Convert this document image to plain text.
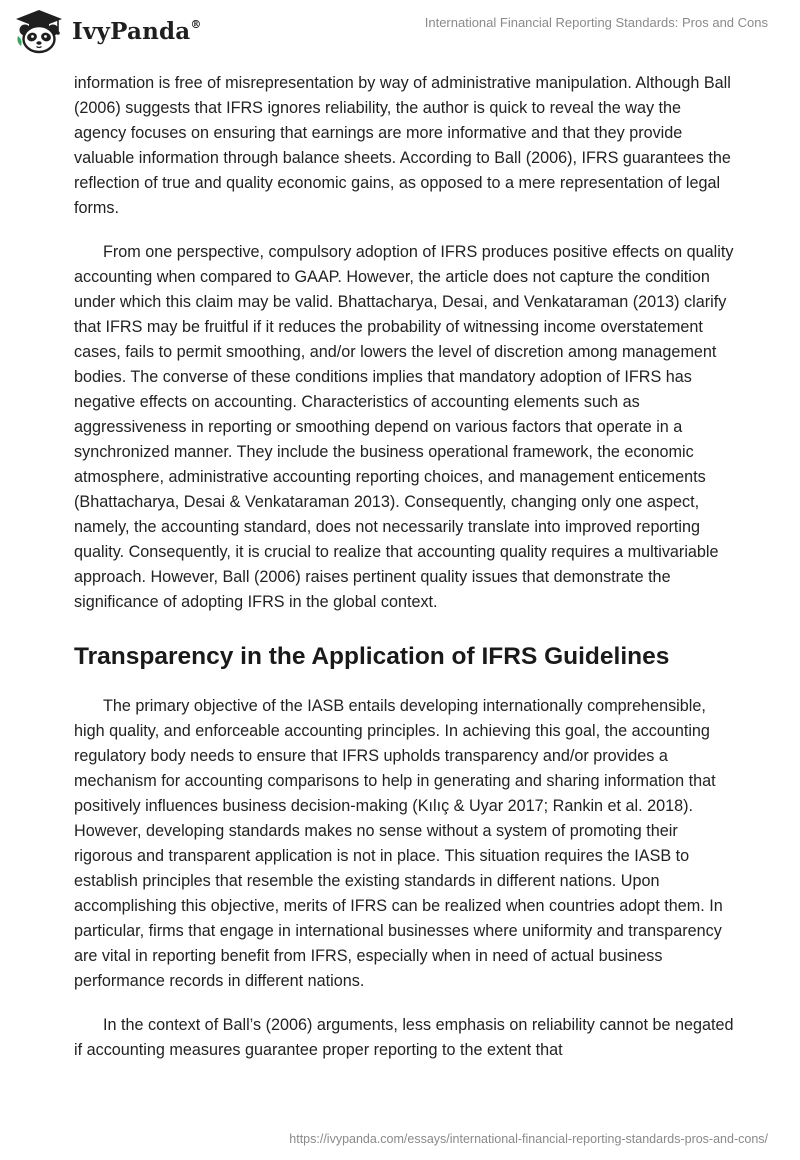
IvyPanda®	International Financial Reporting Standards: Pros and Cons

information is free of misrepresentation by way of administrative manipulation. Although Ball (2006) suggests that IFRS ignores reliability, the author is quick to reveal the way the agency focuses on ensuring that earnings are more informative and that they provide valuable information through balance sheets. According to Ball (2006), IFRS guarantees the reflection of true and quality economic gains, as opposed to a mere representation of legal forms.

From one perspective, compulsory adoption of IFRS produces positive effects on quality accounting when compared to GAAP. However, the article does not capture the condition under which this claim may be valid. Bhattacharya, Desai, and Venkataraman (2013) clarify that IFRS may be fruitful if it reduces the probability of witnessing income overstatement cases, fails to permit smoothing, and/or lowers the level of discretion among management bodies. The converse of these conditions implies that mandatory adoption of IFRS has negative effects on accounting. Characteristics of accounting elements such as aggressiveness in reporting or smoothing depend on various factors that operate in a synchronized manner. They include the business operational framework, the economic atmosphere, administrative accounting reporting choices, and management enticements (Bhattacharya, Desai & Venkataraman 2013). Consequently, changing only one aspect, namely, the accounting standard, does not necessarily translate into improved reporting quality. Consequently, it is crucial to realize that accounting quality requires a multivariable approach. However, Ball (2006) raises pertinent quality issues that demonstrate the significance of adopting IFRS in the global context.

Transparency in the Application of IFRS Guidelines

The primary objective of the IASB entails developing internationally comprehensible, high quality, and enforceable accounting principles. In achieving this goal, the accounting regulatory body needs to ensure that IFRS upholds transparency and/or provides a mechanism for accounting comparisons to help in generating and sharing information that positively influences business decision-making (Kılıç & Uyar 2017; Rankin et al. 2018). However, developing standards makes no sense without a system of promoting their rigorous and transparent application is not in place. This situation requires the IASB to establish principles that resemble the existing standards in different nations. Upon accomplishing this objective, merits of IFRS can be realized when countries adopt them. In particular, firms that engage in international businesses where uniformity and transparency are vital in reporting benefit from IFRS, especially when in need of actual business performance records in different nations.

In the context of Ball’s (2006) arguments, less emphasis on reliability cannot be negated if accounting measures guarantee proper reporting to the extent that

https://ivypanda.com/essays/international-financial-reporting-standards-pros-and-cons/
